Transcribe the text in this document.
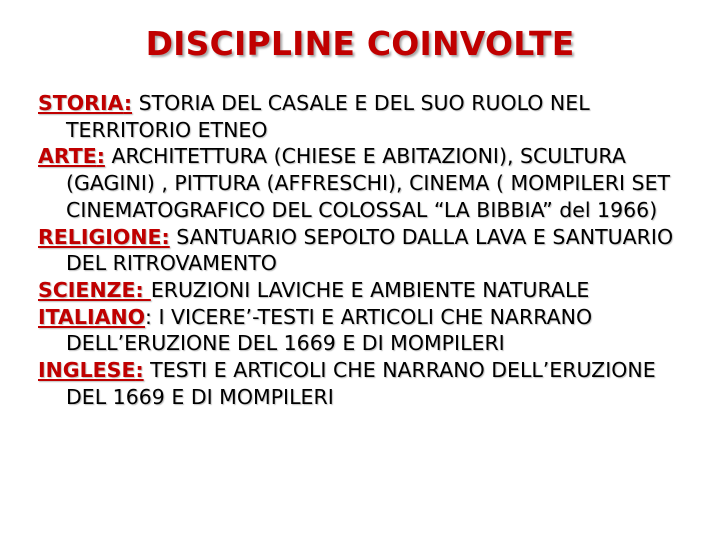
DISCIPLINE COINVOLTE

STORIA: STORIA DEL CASALE E DEL SUO RUOLO NEL TERRITORIO ETNEO

ARTE: ARCHITETTURA (CHIESE E ABITAZIONI), SCULTURA (GAGINI) , PITTURA (AFFRESCHI), CINEMA ( MOMPILERI SET CINEMATOGRAFICO DEL COLOSSAL “LA BIBBIA” del 1966)

RELIGIONE: SANTUARIO SEPOLTO DALLA LAVA E SANTUARIO DEL RITROVAMENTO

SCIENZE: ERUZIONI LAVICHE E AMBIENTE NATURALE

ITALIANO: I VICERE’-TESTI E ARTICOLI CHE NARRANO DELL’ERUZIONE DEL 1669 E DI MOMPILERI

INGLESE: TESTI E ARTICOLI CHE NARRANO DELL’ERUZIONE DEL 1669 E DI MOMPILERI
